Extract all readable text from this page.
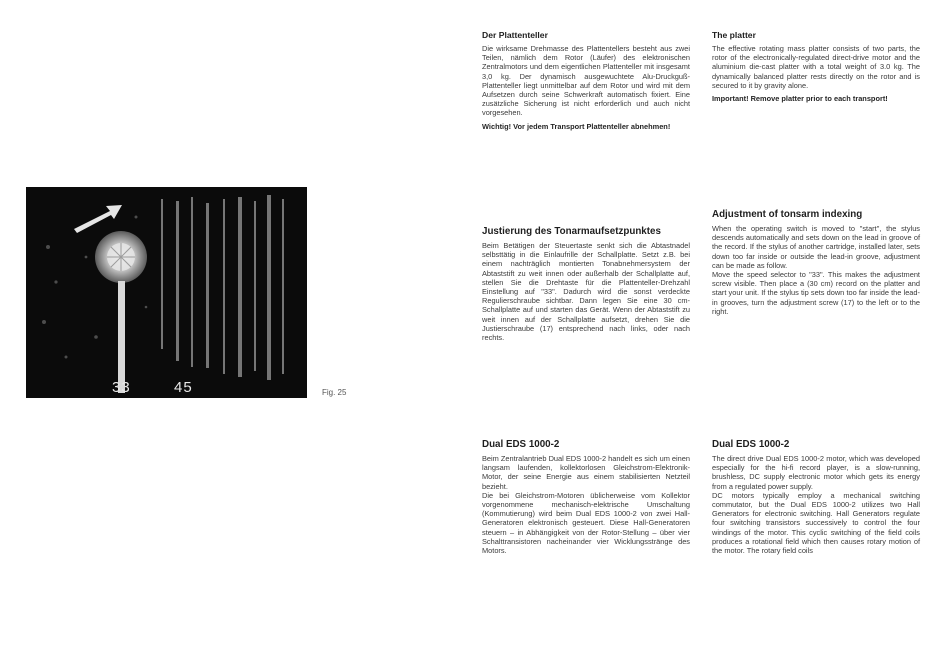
33	45	Fig. 25
Der Plattenteller

Die wirksame Drehmasse des Plattentellers besteht aus zwei Teilen, nämlich dem Rotor (Läufer) des elektronischen Zentralmotors und dem eigentlichen Plattenteller mit insgesamt 3,0 kg. Der dynamisch ausgewuchtete Alu-Druckguß-Plattenteller liegt unmittelbar auf dem Rotor und wird mit dem Aufsetzen durch seine Schwerkraft automatisch fixiert. Eine zusätzliche Sicherung ist nicht erforderlich und auch nicht vorgesehen.

Wichtig! Vor jedem Transport Plattenteller abnehmen!

The platter

The effective rotating mass platter consists of two parts, the rotor of the electronically-regulated direct-drive motor and the aluminium die-cast platter with a total weight of 3.0 kg. The dynamically balanced platter rests directly on the rotor and is secured to it by gravity alone.

Important! Remove platter prior to each transport!

Justierung des Tonarmaufsetzpunktes

Beim Betätigen der Steuertaste senkt sich die Abtastnadel selbsttätig in die Einlaufrille der Schallplatte. Setzt z.B. bei einem nachträglich montierten Tonabnehmersystem der Abtaststift zu weit innen oder außerhalb der Schallplatte auf, stellen Sie die Drehtaste für die Plattenteller-Drehzahl Einstellung auf "33". Dadurch wird die sonst verdeckte Regulierschraube sichtbar. Dann legen Sie eine 30 cm-Schallplatte auf und starten das Gerät. Wenn der Abtaststift zu weit innen auf der Schallplatte aufsetzt, drehen Sie die Justierschraube (17) entsprechend nach links, oder nach rechts.

Adjustment of tonsarm indexing

When the operating switch is moved to "start", the stylus descends automatically and sets down on the lead in groove of the record. If the stylus of another cartridge, installed later, sets down too far inside or outside the lead-in groove, adjustment can be made as follow.

Move the speed selector to "33". This makes the adjustment screw visible. Then place a (30 cm) record on the platter and start your unit. If the stylus tip sets down too far inside the lead-in grooves, turn the adjustment screw (17) to the left or to the right.

Dual EDS 1000-2

Beim Zentralantrieb Dual EDS 1000-2 handelt es sich um einen langsam laufenden, kollektorlosen Gleichstrom-Elektronik-Motor, der seine Energie aus einem stabilisierten Netzteil bezieht.

Die bei Gleichstrom-Motoren üblicherweise vom Kollektor vorgenommene mechanisch-elektrische Umschaltung (Kommutierung) wird beim Dual EDS 1000-2 von zwei Hall-Generatoren elektronisch gesteuert. Diese Hall-Generatoren steuern – in Abhängigkeit von der Rotor-Stellung – über vier Schalttransistoren nacheinander vier Wicklungsstränge des Motors.

Dual EDS 1000-2

The direct drive Dual EDS 1000-2 motor, which was developed especially for the hi-fi record player, is a slow-running, brushless, DC supply electronic motor which gets its energy from a regulated power supply.

DC motors typically employ a mechanical switching commutator, but the Dual EDS 1000-2 utilizes two Hall Generators for electronic switching. Hall Generators regulate four switching transistors successively to control the four windings of the motor. This cyclic switching of the field coils produces a rotational field which then causes rotary motion of the motor. The rotary field coils
